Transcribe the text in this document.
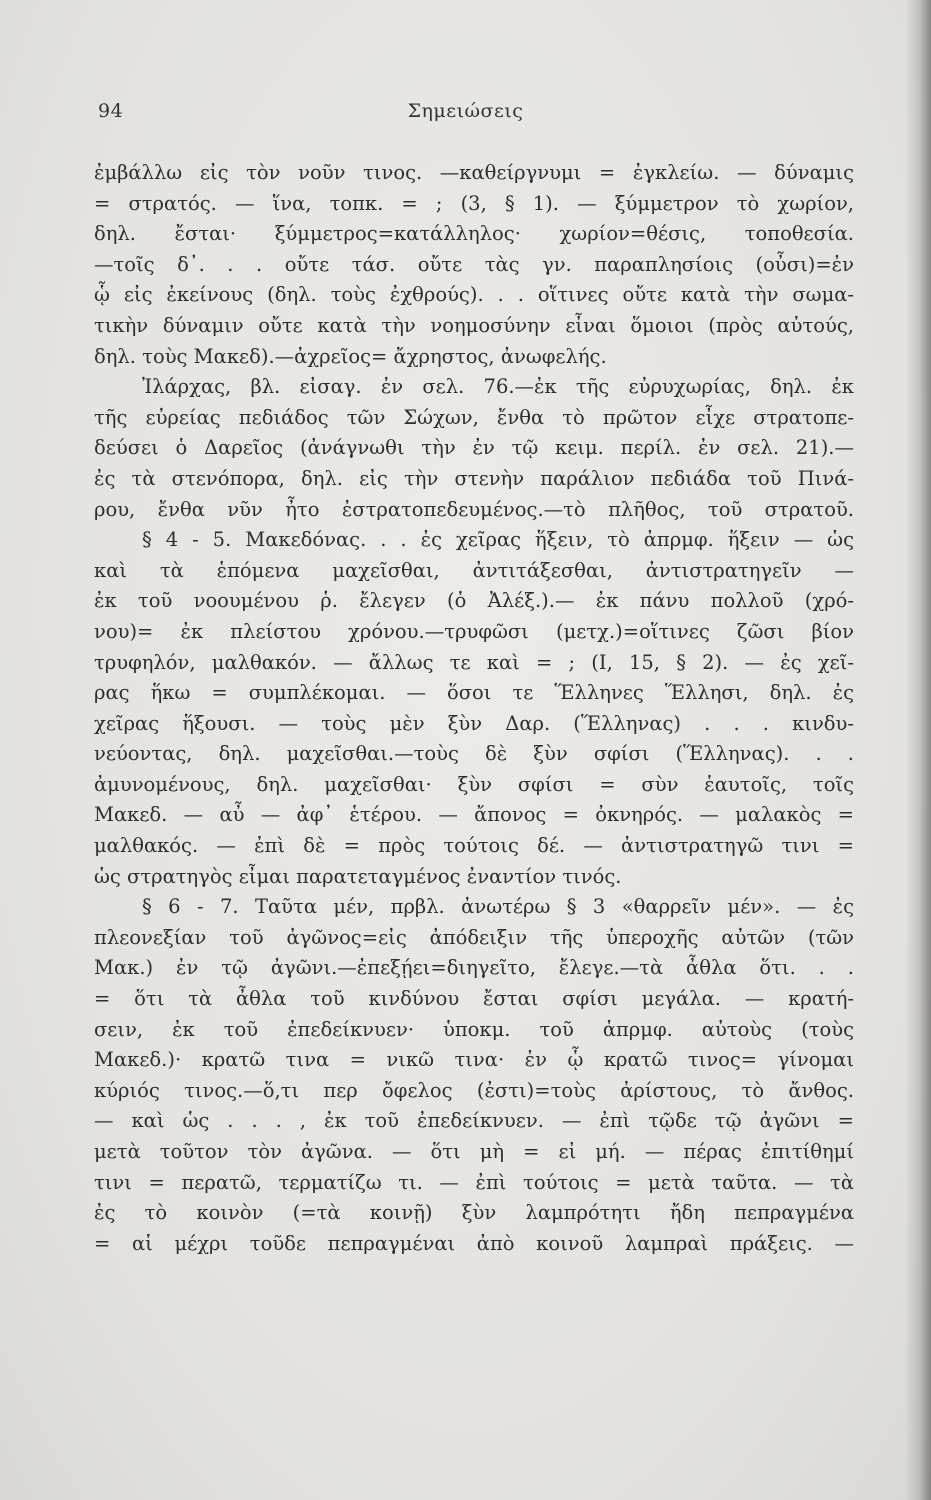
94	Σημειώσεις
ἐμβάλλω εἰς τὸν νοῦν τινος. —καθείργνυμι = ἐγκλείω. — δύναμις
= στρατός. — ἵνα, τοπκ. = ; (3, § 1). — ξύμμετρον τὸ χωρίον,
δηλ. ἔσται· ξύμμετρος=κατάλληλος· χωρίον=θέσις, τοποθεσία.
—τοῖς δ᾽. . . οὔτε τάσ. οὔτε τὰς γν. παραπλησίοις (οὖσι)=ἐν
ᾧ εἰς ἐκείνους (δηλ. τοὺς ἐχθρούς). . . οἵτινες οὔτε κατὰ τὴν σωμα-
τικὴν δύναμιν οὔτε κατὰ τὴν νοημοσύνην εἶναι ὅμοιοι (πρὸς αὐτούς,
δηλ. τοὺς Μακεδ).—ἀχρεῖος= ἄχρηστος, ἀνωφελής.
Ἰλάρχας, βλ. εἰσαγ. ἐν σελ. 76.—ἐκ τῆς εὐρυχωρίας, δηλ. ἐκ
τῆς εὐρείας πεδιάδος τῶν Σώχων, ἔνθα τὸ πρῶτον εἶχε στρατοπε-
δεύσει ὁ Δαρεῖος (ἀνάγνωθι τὴν ἐν τῷ κειμ. περίλ. ἐν σελ. 21).—
ἐς τὰ στενόπορα, δηλ. εἰς τὴν στενὴν παράλιον πεδιάδα τοῦ Πινά-
ρου, ἔνθα νῦν ἦτο ἐστρατοπεδευμένος.—τὸ πλῆθος, τοῦ στρατοῦ.
§ 4 - 5. Μακεδόνας. . . ἐς χεῖρας ἥξειν, τὸ ἀπρμφ. ἥξειν — ὡς
καὶ τὰ ἑπόμενα μαχεῖσθαι, ἀντιτάξεσθαι, ἀντιστρατηγεῖν —
ἐκ τοῦ νοουμένου ῥ. ἔλεγεν (ὁ Ἀλέξ.).— ἐκ πάνυ πολλοῦ (χρό-
νου)= ἐκ πλείστου χρόνου.—τρυφῶσι (μετχ.)=οἵτινες ζῶσι βίον
τρυφηλόν, μαλθακόν. — ἄλλως τε καὶ = ; (Ι, 15, § 2). — ἐς χεῖ-
ρας ἥκω = συμπλέκομαι. — ὅσοι τε Ἕλληνες Ἕλλησι, δηλ. ἐς
χεῖρας ἥξουσι. — τοὺς μὲν ξὺν Δαρ. (Ἕλληνας) . . . κινδυ-
νεύοντας, δηλ. μαχεῖσθαι.—τοὺς δὲ ξὺν σφίσι (Ἕλληνας). . .
ἀμυνομένους, δηλ. μαχεῖσθαι· ξὺν σφίσι = σὺν ἑαυτοῖς, τοῖς
Μακεδ. — αὖ — ἀφ᾽ ἑτέρου. — ἄπονος = ὀκνηρός. — μαλακὸς =
μαλθακός. — ἐπὶ δὲ = πρὸς τούτοις δέ. — ἀντιστρατηγῶ τινι =
ὡς στρατηγὸς εἶμαι παρατεταγμένος ἐναντίον τινός.
§ 6 - 7. Ταῦτα μέν, πρβλ. ἀνωτέρω § 3 «θαρρεῖν μέν». — ἐς
πλεονεξίαν τοῦ ἀγῶνος=εἰς ἀπόδειξιν τῆς ὑπεροχῆς αὐτῶν (τῶν
Μακ.) ἐν τῷ ἀγῶνι.—ἐπεξῄει=διηγεῖτο, ἔλεγε.—τὰ ἆθλα ὅτι. . .
= ὅτι τὰ ἆθλα τοῦ κινδύνου ἔσται σφίσι μεγάλα. — κρατή-
σειν, ἐκ τοῦ ἐπεδείκνυεν· ὑποκμ. τοῦ ἀπρμφ. αὐτοὺς (τοὺς
Μακεδ.)· κρατῶ τινα = νικῶ τινα· ἐν ᾧ κρατῶ τινος= γίνομαι
κύριός τινος.—ὅ,τι περ ὄφελος (ἐστι)=τοὺς ἀρίστους, τὸ ἄνθος.
— καὶ ὡς . . . , ἐκ τοῦ ἐπεδείκνυεν. — ἐπὶ τῷδε τῷ ἀγῶνι =
μετὰ τοῦτον τὸν ἀγῶνα. — ὅτι μὴ = εἰ μή. — πέρας ἐπιτίθημί
τινι = περατῶ, τερματίζω τι. — ἐπὶ τούτοις = μετὰ ταῦτα. — τὰ
ἐς τὸ κοινὸν (=τὰ κοινῇ) ξὺν λαμπρότητι ἤδη πεπραγμένα
= αἱ μέχρι τοῦδε πεπραγμέναι ἀπὸ κοινοῦ λαμπραὶ πράξεις. —
